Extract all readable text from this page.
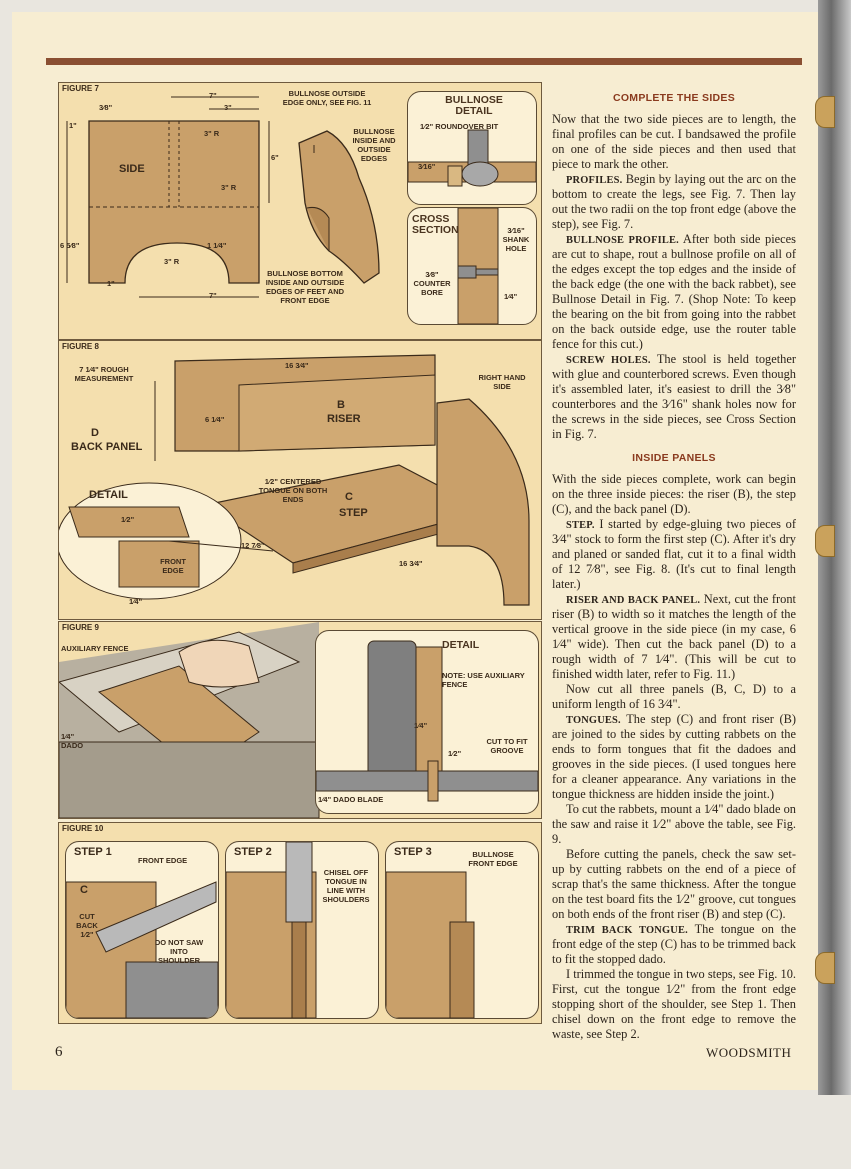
FIGURE 7
7"
3"
3⁄8"
1"
SIDE
3" R
6"
3" R
6 5⁄8"	1 1⁄4"
3" R
1"
7"
BULLNOSE OUTSIDE EDGE ONLY, SEE FIG. 11
BULLNOSE INSIDE AND OUTSIDE EDGES
BULLNOSE BOTTOM INSIDE AND OUTSIDE EDGES OF FEET AND FRONT EDGE
BULLNOSE DETAIL
1⁄2" ROUNDOVER BIT
3⁄16"
CROSS SECTION	3⁄16" SHANK HOLE
3⁄8" COUNTER BORE	1⁄4"
FIGURE 8
7 1⁄4" ROUGH MEASUREMENT
D
BACK PANEL
16 3⁄4"
6 1⁄4"
B
RISER
RIGHT HAND SIDE
DETAIL
1⁄2"
1⁄2" CENTERED TONGUE ON BOTH ENDS	C
STEP
12 7⁄8"
16 3⁄4"
FRONT EDGE
1⁄4"
FIGURE 9
AUXILIARY FENCE
1⁄4" DADO
DETAIL
NOTE: USE AUXILIARY FENCE
1⁄4"
1⁄2"
CUT TO FIT GROOVE
1⁄4" DADO BLADE
FIGURE 10
STEP 1
FRONT EDGE
C
CUT BACK 1⁄2"
DO NOT SAW INTO SHOULDER
STEP 2
CHISEL OFF TONGUE IN LINE WITH SHOULDERS
STEP 3	BULLNOSE FRONT EDGE
COMPLETE THE SIDES

Now that the two side pieces are to length, the final profiles can be cut. I bandsawed the profile on one of the side pieces and then used that piece to mark the other.

PROFILES. Begin by laying out the arc on the bottom to create the legs, see Fig. 7. Then lay out the two radii on the top front edge (above the step), see Fig. 7.

BULLNOSE PROFILE. After both side pieces are cut to shape, rout a bullnose profile on all of the edges except the top edges and the inside of the back edge (the one with the back rabbet), see Bullnose Detail in Fig. 7. (Shop Note: To keep the bearing on the bit from going into the rabbet on the back outside edge, use the router table fence for this cut.)

SCREW HOLES. The stool is held together with glue and counterbored screws. Even though it's assembled later, it's easiest to drill the 3⁄8" counterbores and the 3⁄16" shank holes now for the screws in the side pieces, see Cross Section in Fig. 7.

INSIDE PANELS

With the side pieces complete, work can begin on the three inside pieces: the riser (B), the step (C), and the back panel (D).

STEP. I started by edge-gluing two pieces of 3⁄4" stock to form the first step (C). After it's dry and planed or sanded flat, cut it to a final width of 12 7⁄8", see Fig. 8. (It's cut to final length later.)

RISER AND BACK PANEL. Next, cut the front riser (B) to width so it matches the length of the vertical groove in the side piece (in my case, 6 1⁄4" wide). Then cut the back panel (D) to a rough width of 7 1⁄4". (This will be cut to finished width later, refer to Fig. 11.)

Now cut all three panels (B, C, D) to a uniform length of 16 3⁄4".

TONGUES. The step (C) and front riser (B) are joined to the sides by cutting rabbets on the ends to form tongues that fit the dadoes and grooves in the side pieces. (I used tongues here for a cleaner appearance. Any variations in the tongue thickness are hidden inside the joint.)

To cut the rabbets, mount a 1⁄4" dado blade on the saw and raise it 1⁄2" above the table, see Fig. 9.

Before cutting the panels, check the saw set-up by cutting rabbets on the end of a piece of scrap that's the same thickness. After the tongue on the test board fits the 1⁄2" groove, cut tongues on both ends of the front riser (B) and step (C).

TRIM BACK TONGUE. The tongue on the front edge of the step (C) has to be trimmed back to fit the stopped dado.

I trimmed the tongue in two steps, see Fig. 10. First, cut the tongue 1⁄2" from the front edge stopping short of the shoulder, see Step 1. Then chisel down on the front edge to remove the waste, see Step 2.

6	WOODSMITH
